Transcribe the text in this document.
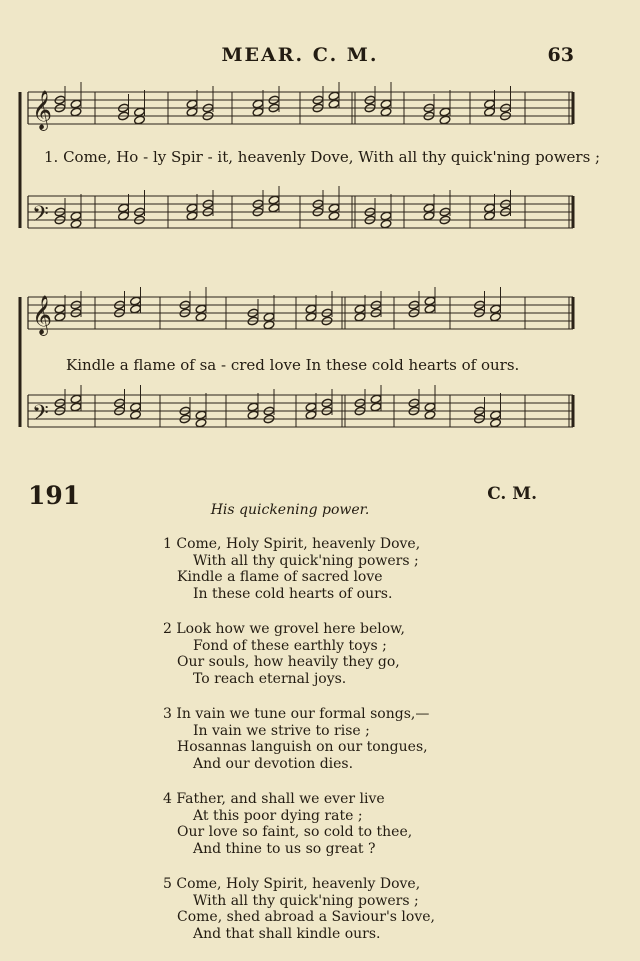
MEAR. C. M.	63
𝄞
𝄢
𝄞
𝄢
1. Come, Ho - ly Spir - it, heavenly Dove, With all thy quick'ning powers ;
Kindle a flame of sa - cred love In these cold hearts of ours.
191	C. M.
His quickening power.
1 Come, Holy Spirit, heavenly Dove,
With all thy quick'ning powers ;
Kindle a flame of sacred love
In these cold hearts of ours.
2 Look how we grovel here below,
Fond of these earthly toys ;
Our souls, how heavily they go,
To reach eternal joys.
3 In vain we tune our formal songs,—
In vain we strive to rise ;
Hosannas languish on our tongues,
And our devotion dies.
4 Father, and shall we ever live
At this poor dying rate ;
Our love so faint, so cold to thee,
And thine to us so great ?
5 Come, Holy Spirit, heavenly Dove,
With all thy quick'ning powers ;
Come, shed abroad a Saviour's love,
And that shall kindle ours.
